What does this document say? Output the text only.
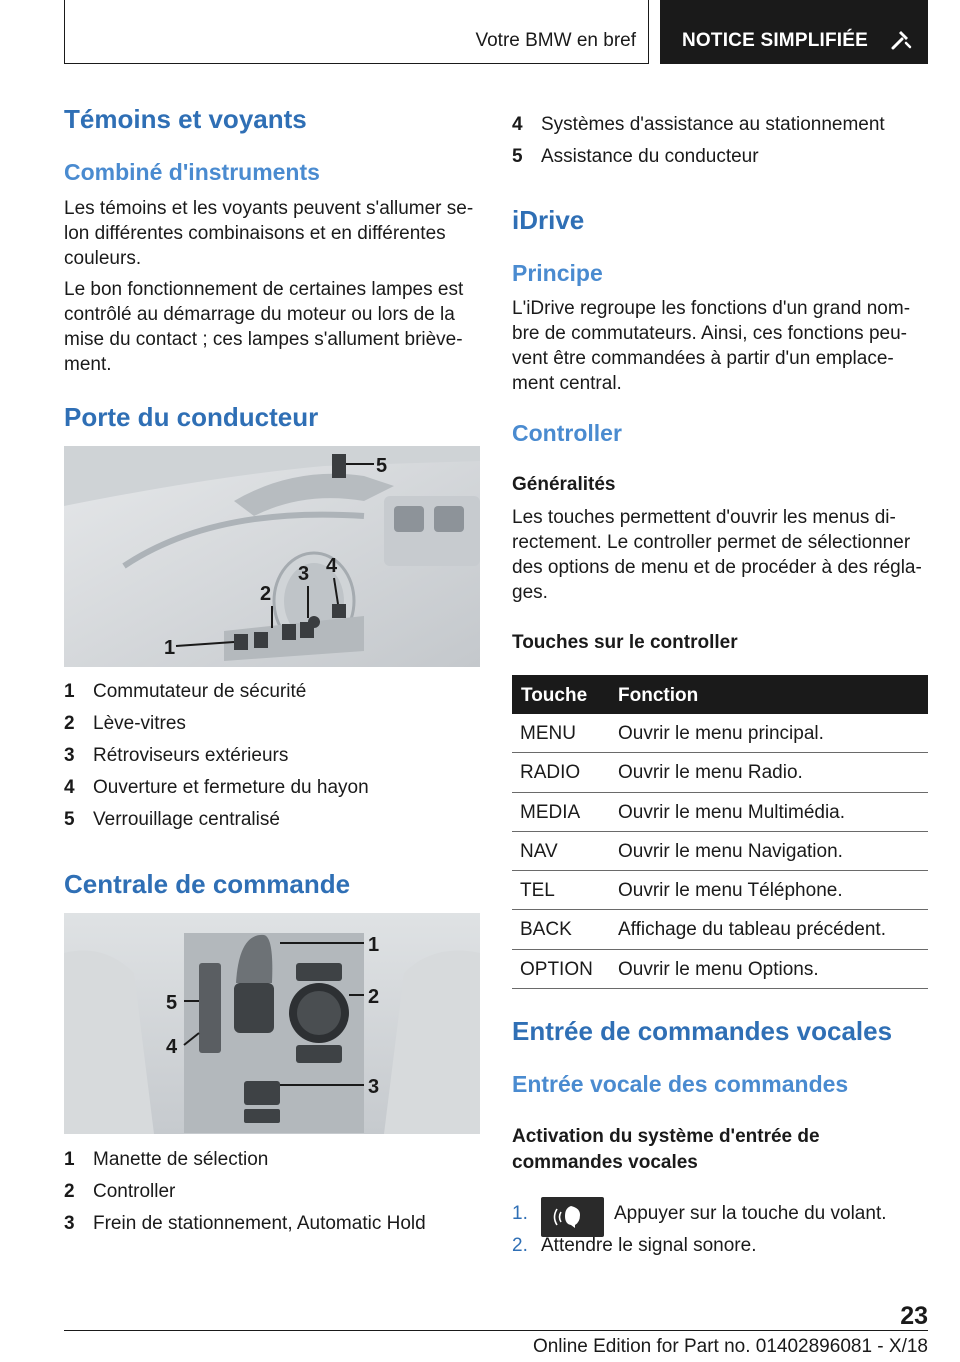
Votre BMW en bref NOTICE SIMPLIFIÉE
Témoins et voyants
Combiné d'instruments
Les témoins et les voyants peuvent s'allumer se-
lon différentes combinaisons et en différentes
couleurs.
Le bon fonctionnement de certaines lampes est
contrôlé au démarrage du moteur ou lors de la
mise du contact ; ces lampes s'allument briève-
ment.
Porte du conducteur
1
2
3 4
5
1 Commutateur de sécurité
2 Lève-vitres
3 Rétroviseurs extérieurs
4 Ouverture et fermeture du hayon
5 Verrouillage centralisé
Centrale de commande
1
2
3
4
5
1 Manette de sélection
2 Controller
3 Frein de stationnement, Automatic Hold
4 Systèmes d'assistance au stationnement
5 Assistance du conducteur
iDrive
Principe
L'iDrive regroupe les fonctions d'un grand nom-
bre de commutateurs. Ainsi, ces fonctions peu-
vent être commandées à partir d'un emplace-
ment central.
Controller
Généralités
Les touches permettent d'ouvrir les menus di-
rectement. Le controller permet de sélectionner
des options de menu et de procéder à des régla-
ges.
Touches sur le controller
Touche Fonction
MENU Ouvrir le menu principal.
RADIO Ouvrir le menu Radio.
MEDIA Ouvrir le menu Multimédia.
NAV	Ouvrir le menu Navigation.
TEL	Ouvrir le menu Téléphone.
BACK Affichage du tableau précédent.
OPTION Ouvrir le menu Options.
Entrée de commandes vocales
Entrée vocale des commandes
Activation du système d'entrée de
commandes vocales
1.	Appuyer sur la touche du volant.
2. Attendre le signal sonore.
23
Online Edition for Part no. 01402896081 - X/18
